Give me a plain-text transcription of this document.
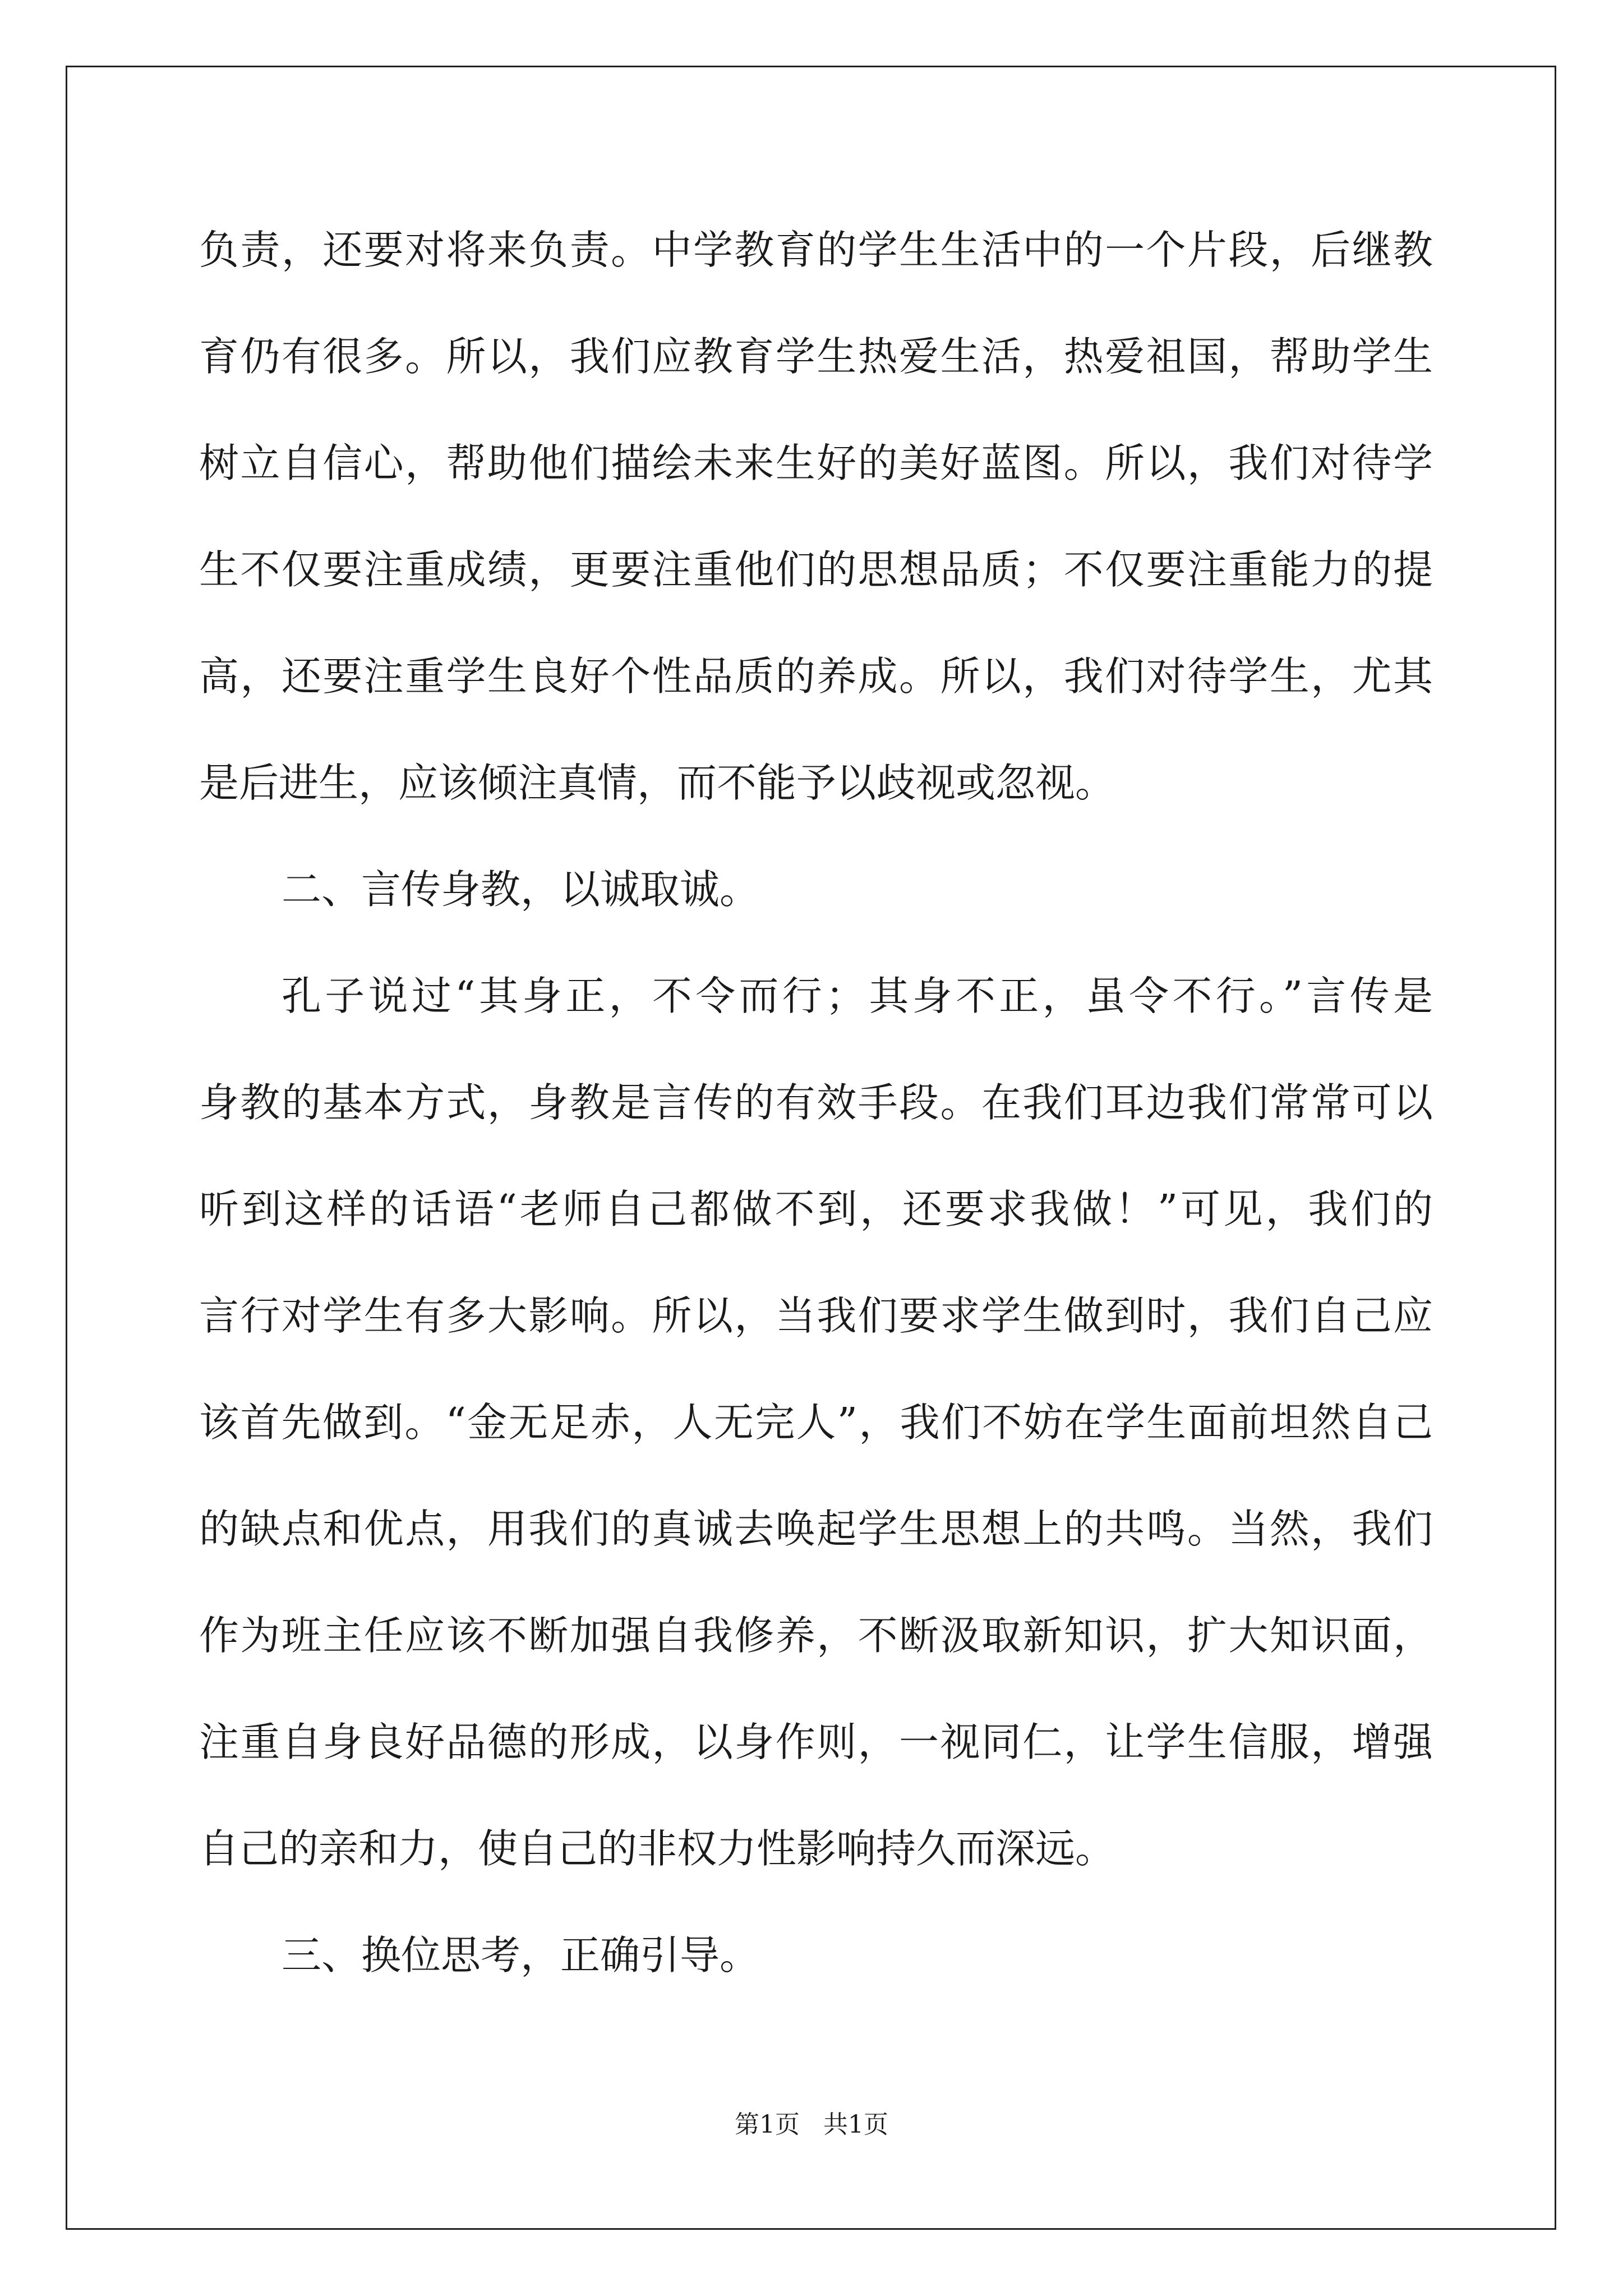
负责，还要对将来负责。中学教育的学生生活中的一个片段，后继教
育仍有很多。所以，我们应教育学生热爱生活，热爱祖国，帮助学生
树立自信心，帮助他们描绘未来生好的美好蓝图。所以，我们对待学
生不仅要注重成绩，更要注重他们的思想品质；不仅要注重能力的提
高，还要注重学生良好个性品质的养成。所以，我们对待学生，尤其
是后进生，应该倾注真情，而不能予以歧视或忽视。
二、言传身教，以诚取诚。
孔子说过“其身正，不令而行；其身不正，虽令不行。”言传是
身教的基本方式，身教是言传的有效手段。在我们耳边我们常常可以
听到这样的话语“老师自己都做不到，还要求我做！”可见，我们的
言行对学生有多大影响。所以，当我们要求学生做到时，我们自己应
该首先做到。“金无足赤，人无完人”，我们不妨在学生面前坦然自己
的缺点和优点，用我们的真诚去唤起学生思想上的共鸣。当然，我们
作为班主任应该不断加强自我修养，不断汲取新知识，扩大知识面，
注重自身良好品德的形成，以身作则，一视同仁，让学生信服，增强
自己的亲和力，使自己的非权力性影响持久而深远。
三、换位思考，正确引导。
第1页   共1页
